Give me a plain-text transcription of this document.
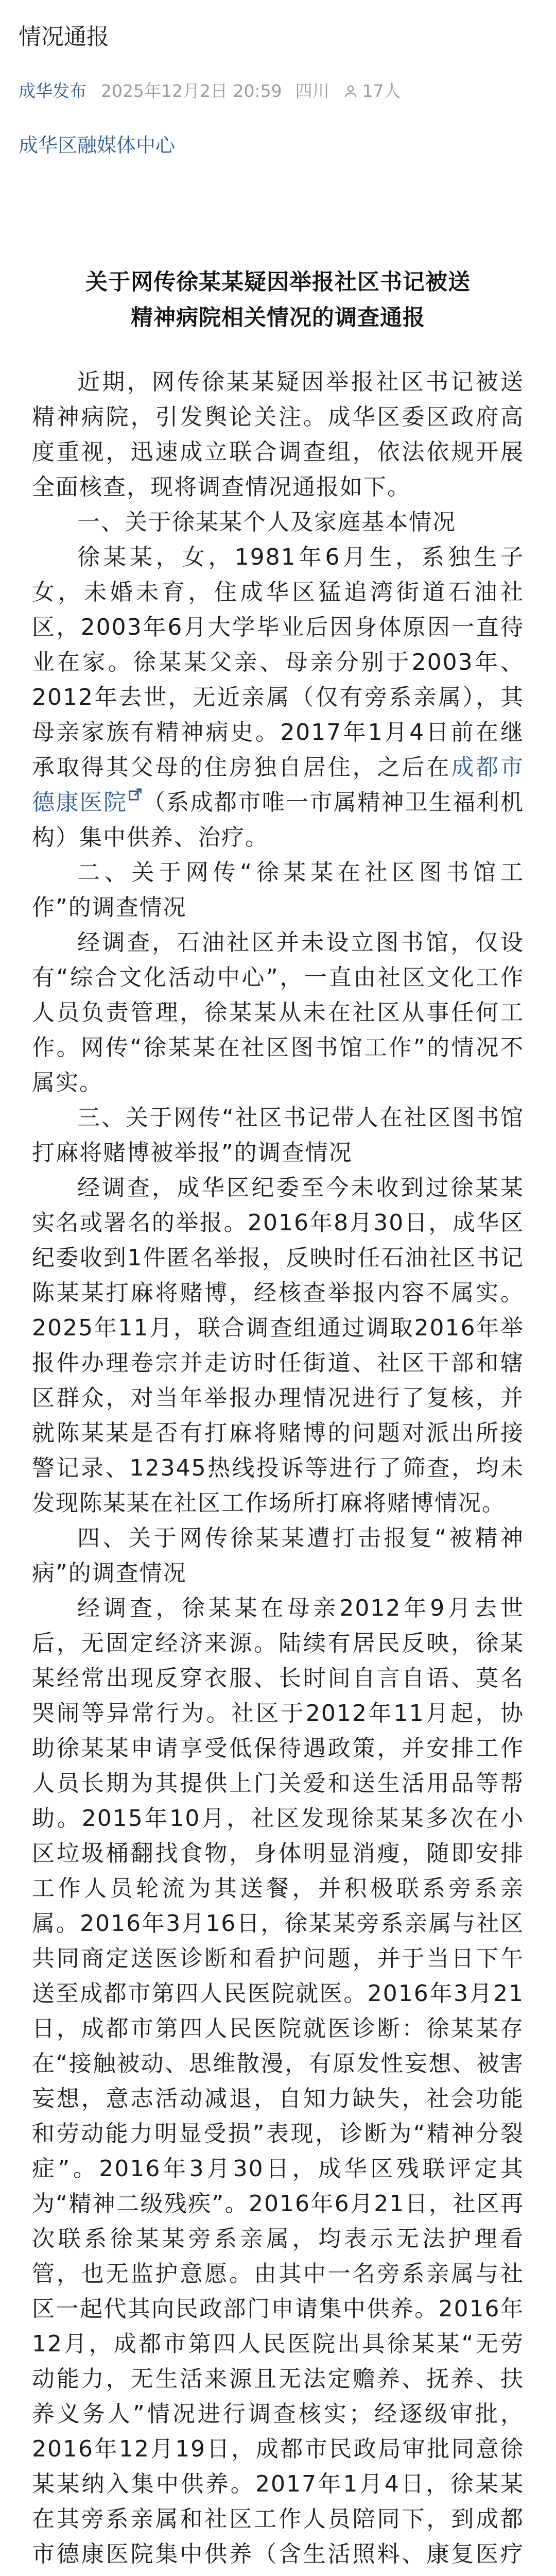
情况通报
成华发布 2025年12月2日 20:59 四川 17人
成华区融媒体中心
关于网传徐某某疑因举报社区书记被送
精神病院相关情况的调查通报

近期，网传徐某某疑因举报社区书记被送精神病院，引发舆论关注。成华区委区政府高度重视，迅速成立联合调查组，依法依规开展全面核查，现将调查情况通报如下。

一、关于徐某某个人及家庭基本情况

徐某某，女，1981年6月生，系独生子女，未婚未育，住成华区猛追湾街道石油社区，2003年6月大学毕业后因身体原因一直待业在家。徐某某父亲、母亲分别于2003年、2012年去世，无近亲属（仅有旁系亲属），其母亲家族有精神病史。2017年1月4日前在继承取得其父母的住房独自居住，之后在成都市德康医院 （系成都市唯一市属精神卫生福利机构）集中供养、治疗。

二、关于网传“徐某某在社区图书馆工作”的调查情况

经调查，石油社区并未设立图书馆，仅设有“综合文化活动中心”，一直由社区文化工作人员负责管理，徐某某从未在社区从事任何工作。网传“徐某某在社区图书馆工作”的情况不属实。

三、关于网传“社区书记带人在社区图书馆打麻将赌博被举报”的调查情况

经调查，成华区纪委至今未收到过徐某某实名或署名的举报。2016年8月30日，成华区纪委收到1件匿名举报，反映时任石油社区书记陈某某打麻将赌博，经核查举报内容不属实。2025年11月，联合调查组通过调取2016年举报件办理卷宗并走访时任街道、社区干部和辖区群众，对当年举报办理情况进行了复核，并就陈某某是否有打麻将赌博的问题对派出所接警记录、12345热线投诉等进行了筛查，均未发现陈某某在社区工作场所打麻将赌博情况。

四、关于网传徐某某遭打击报复“被精神病”的调查情况

经调查，徐某某在母亲2012年9月去世后，无固定经济来源。陆续有居民反映，徐某某经常出现反穿衣服、长时间自言自语、莫名哭闹等异常行为。社区于2012年11月起，协助徐某某申请享受低保待遇政策，并安排工作人员长期为其提供上门关爱和送生活用品等帮助。2015年10月，社区发现徐某某多次在小区垃圾桶翻找食物，身体明显消瘦，随即安排工作人员轮流为其送餐，并积极联系旁系亲属。2016年3月16日，徐某某旁系亲属与社区共同商定送医诊断和看护问题，并于当日下午送至成都市第四人民医院就医。2016年3月21日，成都市第四人民医院就医诊断：徐某某存在“接触被动、思维散漫，有原发性妄想、被害妄想，意志活动减退，自知力缺失，社会功能和劳动能力明显受损”表现，诊断为“精神分裂症”。2016年3月30日，成华区残联评定其为“精神二级残疾”。2016年6月21日，社区再次联系徐某某旁系亲属，均表示无法护理看管，也无监护意愿。由其中一名旁系亲属与社区一起代其向民政部门申请集中供养。2016年12月，成都市第四人民医院出具徐某某“无劳动能力，无生活来源且无法定赡养、抚养、扶养义务人”情况进行调查核实；经逐级审批，2016年12月19日，成都市民政局审批同意徐某某纳入集中供养。2017年1月4日，徐某某在其旁系亲属和社区工作人员陪同下，到成都市德康医院集中供养（含生活照料、康复医疗
